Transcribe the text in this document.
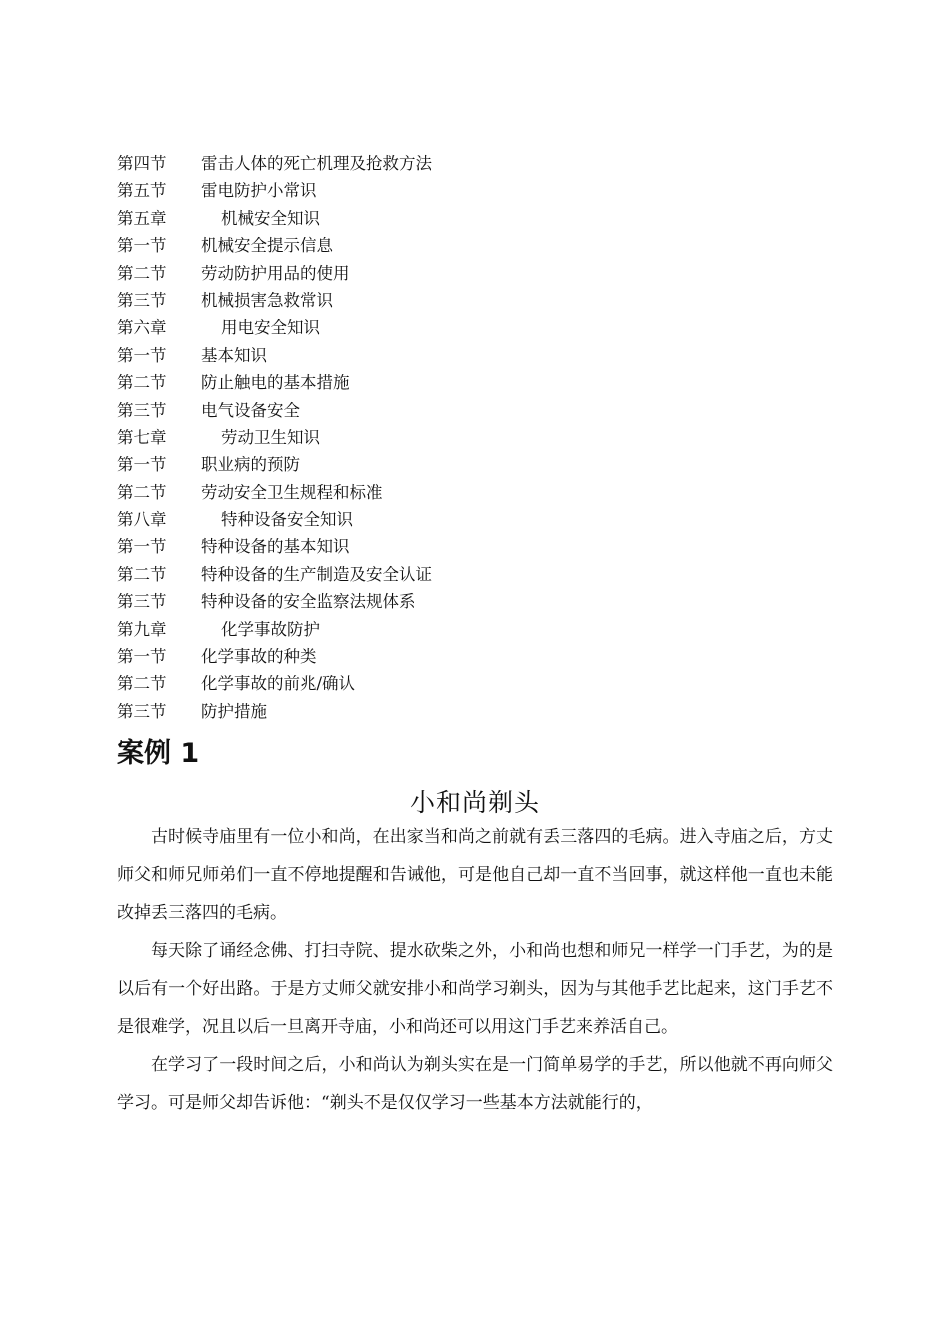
第四节 雷击人体的死亡机理及抢救方法
第五节 雷电防护小常识
第五章	机械安全知识
第一节 机械安全提示信息
第二节 劳动防护用品的使用
第三节 机械损害急救常识
第六章	用电安全知识
第一节 基本知识
第二节 防止触电的基本措施
第三节 电气设备安全
第七章	劳动卫生知识
第一节 职业病的预防
第二节 劳动安全卫生规程和标准
第八章	特种设备安全知识
第一节 特种设备的基本知识
第二节 特种设备的生产制造及安全认证
第三节 特种设备的安全监察法规体系
第九章	化学事故防护
第一节 化学事故的种类
第二节 化学事故的前兆/确认
第三节 防护措施
案例 1
小和尚剃头

古时候寺庙里有一位小和尚，在出家当和尚之前就有丢三落四的毛病。进入寺庙之后，方丈师父和师兄师弟们一直不停地提醒和告诫他，可是他自己却一直不当回事，就这样他一直也未能改掉丢三落四的毛病。

每天除了诵经念佛、打扫寺院、提水砍柴之外，小和尚也想和师兄一样学一门手艺，为的是以后有一个好出路。于是方丈师父就安排小和尚学习剃头，因为与其他手艺比起来，这门手艺不是很难学，况且以后一旦离开寺庙，小和尚还可以用这门手艺来养活自己。

在学习了一段时间之后，小和尚认为剃头实在是一门简单易学的手艺，所以他就不再向师父学习。可是师父却告诉他：“剃头不是仅仅学习一些基本方法就能行的，
